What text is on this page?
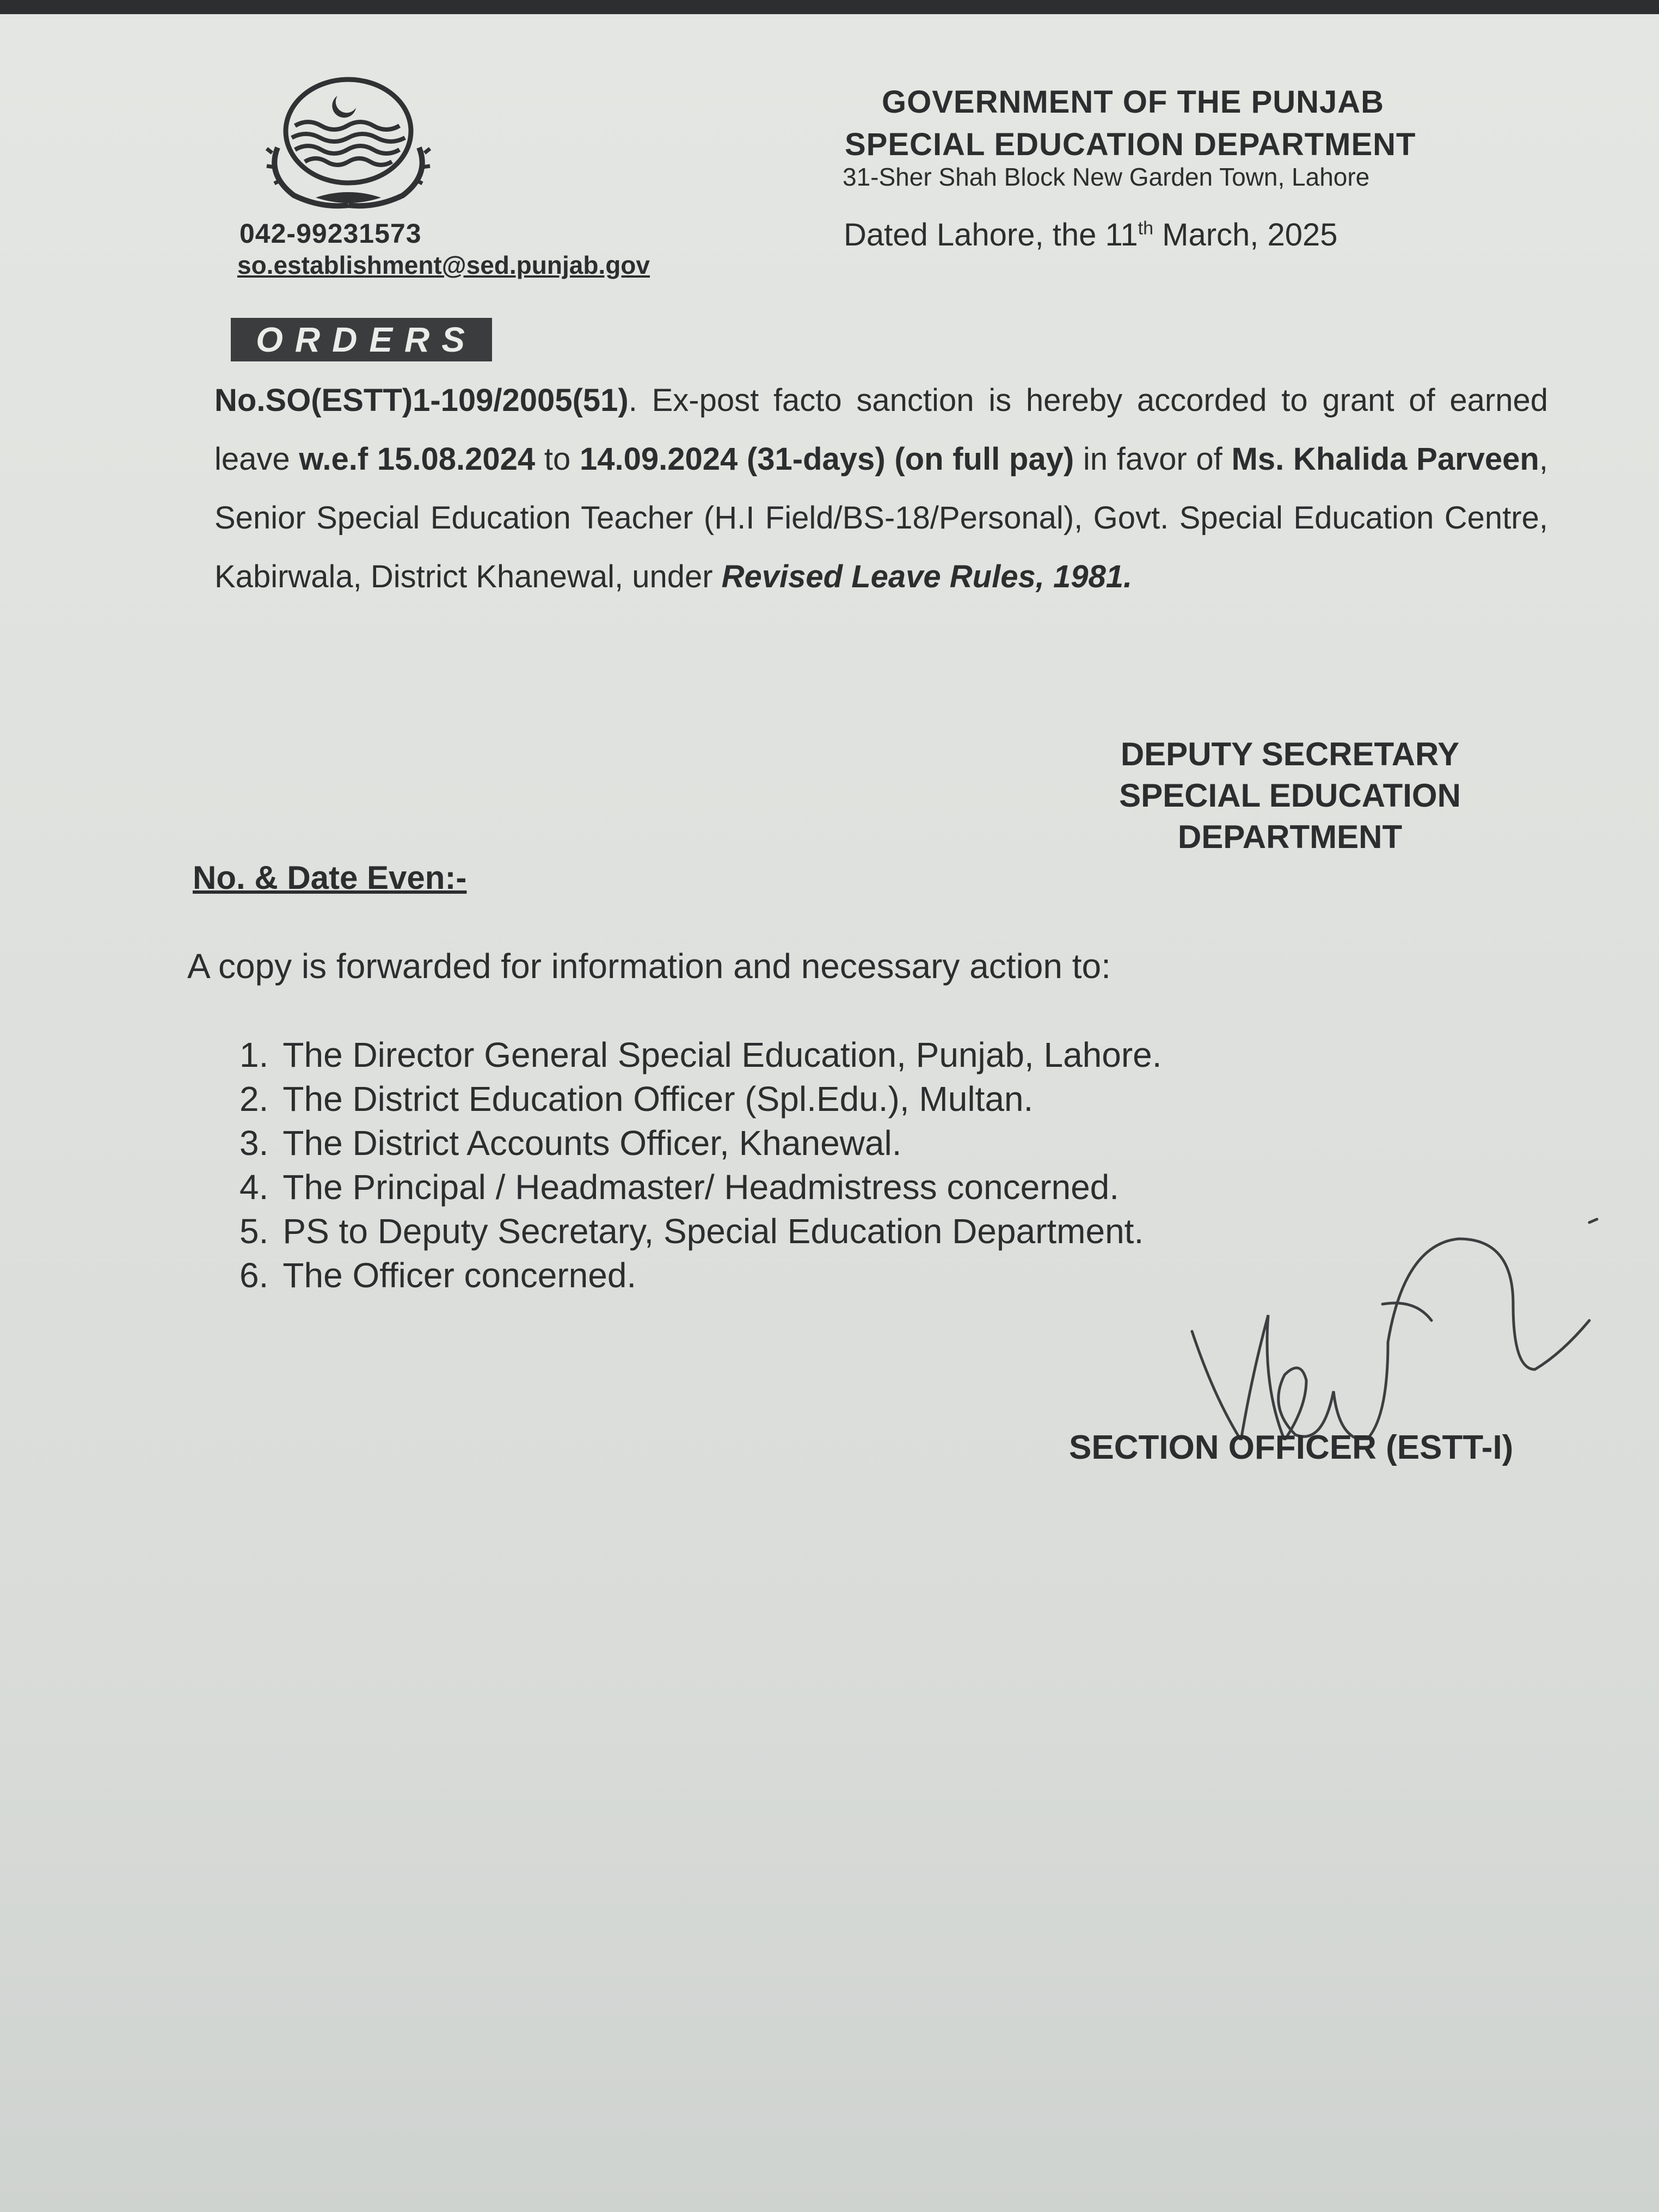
042-99231573
so.establishment@sed.punjab.gov
GOVERNMENT OF THE PUNJAB
SPECIAL EDUCATION DEPARTMENT
31-Sher Shah Block New Garden Town, Lahore
Dated Lahore, the 11th March, 2025
ORDERS
No.SO(ESTT)1-109/2005(51). Ex-post facto sanction is hereby accorded to grant of earned leave w.e.f 15.08.2024 to 14.09.2024 (31-days) (on full pay) in favor of Ms. Khalida Parveen, Senior Special Education Teacher (H.I Field/BS-18/Personal), Govt. Special Education Centre, Kabirwala, District Khanewal, under Revised Leave Rules, 1981.
DEPUTY SECRETARY
SPECIAL EDUCATION
DEPARTMENT
No. & Date Even:-
A copy is forwarded for information and necessary action to:
1. The Director General Special Education, Punjab, Lahore.
2. The District Education Officer (Spl.Edu.), Multan.
3. The District Accounts Officer, Khanewal.
4. The Principal / Headmaster/ Headmistress concerned.
5. PS to Deputy Secretary, Special Education Department.
6. The Officer concerned.
SECTION OFFICER (ESTT-I)
